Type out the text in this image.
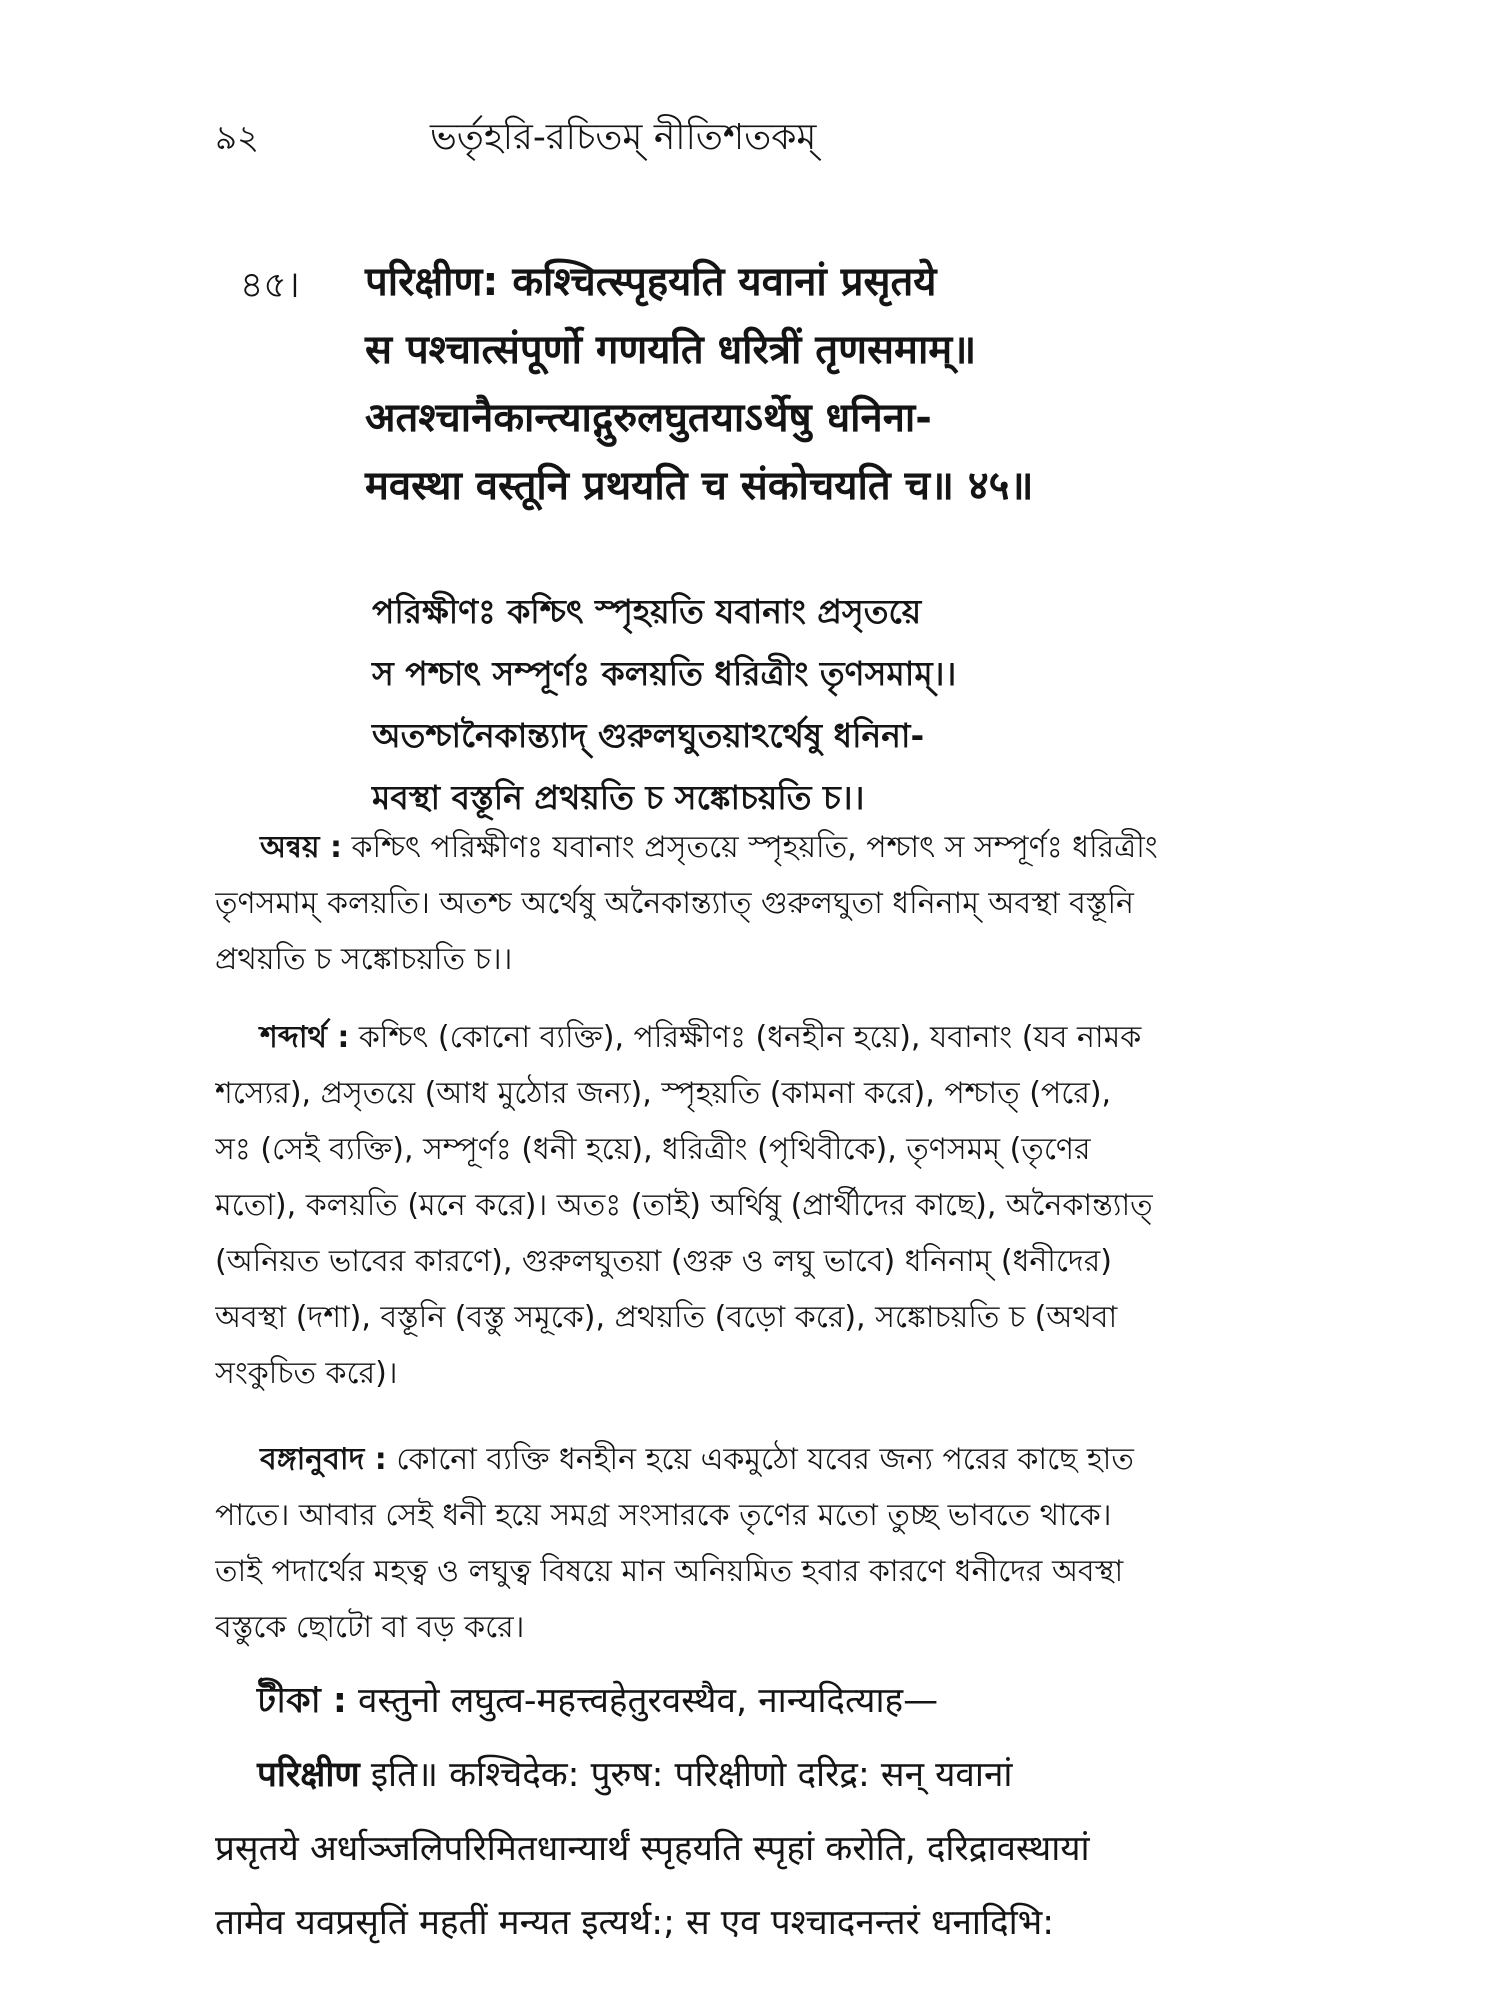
৯২	ভর্তৃহরি-রচিতম্ নীতিশতকম্
৪৫। परिक्षीण: कश्चित्स्पृहयति यवानां प्रसृतये
स पश्चात्संपूर्णो गणयति धरित्रीं तृणसमाम्॥
अतश्चानैकान्त्याद्गुरुलघुतयाऽर्थेषु धनिना-
मवस्था वस्तूनि प्रथयति च संकोचयति च॥ ४५॥
পরিক্ষীণঃ কশ্চিৎ স্পৃহয়তি যবানাং প্রসৃতয়ে
স পশ্চাৎ সম্পূর্ণঃ কলয়তি ধরিত্রীং তৃণসমাম্।।
অতশ্চানৈকান্ত্যাদ্ গুরুলঘুতয়াঽর্থেষু ধনিনা-
মবস্থা বস্তূনি প্রথয়তি চ সঙ্কোচয়তি চ।।
অন্বয় : কশ্চিৎ পরিক্ষীণঃ যবানাং প্রসৃতয়ে স্পৃহয়তি, পশ্চাৎ স সম্পূর্ণঃ ধরিত্রীং
তৃণসমাম্ কলয়তি। অতশ্চ অর্থেষু অনৈকান্ত্যাত্ গুরুলঘুতা ধনিনাম্ অবস্থা বস্তূনি
প্রথয়তি চ সঙ্কোচয়তি চ।।
শব্দার্থ : কশ্চিৎ (কোনো ব্যক্তি), পরিক্ষীণঃ (ধনহীন হয়ে), যবানাং (যব নামক
শস্যের), প্রসৃতয়ে (আধ মুঠোর জন্য), স্পৃহয়তি (কামনা করে), পশ্চাত্ (পরে),
সঃ (সেই ব্যক্তি), সম্পূর্ণঃ (ধনী হয়ে), ধরিত্রীং (পৃথিবীকে), তৃণসমম্ (তৃণের
মতো), কলয়তি (মনে করে)। অতঃ (তাই) অর্থিষু (প্রার্থীদের কাছে), অনৈকান্ত্যাত্
(অনিয়ত ভাবের কারণে), গুরুলঘুতয়া (গুরু ও লঘু ভাবে) ধনিনাম্ (ধনীদের)
অবস্থা (দশা), বস্তূনি (বস্তু সমূকে), প্রথয়তি (বড়ো করে), সঙ্কোচয়তি চ (অথবা
সংকুচিত করে)।
বঙ্গানুবাদ : কোনো ব্যক্তি ধনহীন হয়ে একমুঠো যবের জন্য পরের কাছে হাত
পাতে। আবার সেই ধনী হয়ে সমগ্র সংসারকে তৃণের মতো তুচ্ছ ভাবতে থাকে।
তাই পদার্থের মহত্ব ও লঘুত্ব বিষয়ে মান অনিয়মিত হবার কারণে ধনীদের অবস্থা
বস্তুকে ছোটো বা বড় করে।
টীকা : वस्तुनो लघुत्व-महत्त्वहेतुरवस्थैव, नान्यदित्याह—
परिक्षीण इति॥ कश्चिदेक: पुरुष: परिक्षीणो दरिद्र: सन् यवानां
प्रसृतये अर्धाञ्जलिपरिमितधान्यार्थं स्पृहयति स्पृहां करोति, दरिद्रावस्थायां
तामेव यवप्रसृतिं महतीं मन्यत इत्यर्थ:; स एव पश्चादनन्तरं धनादिभि:
